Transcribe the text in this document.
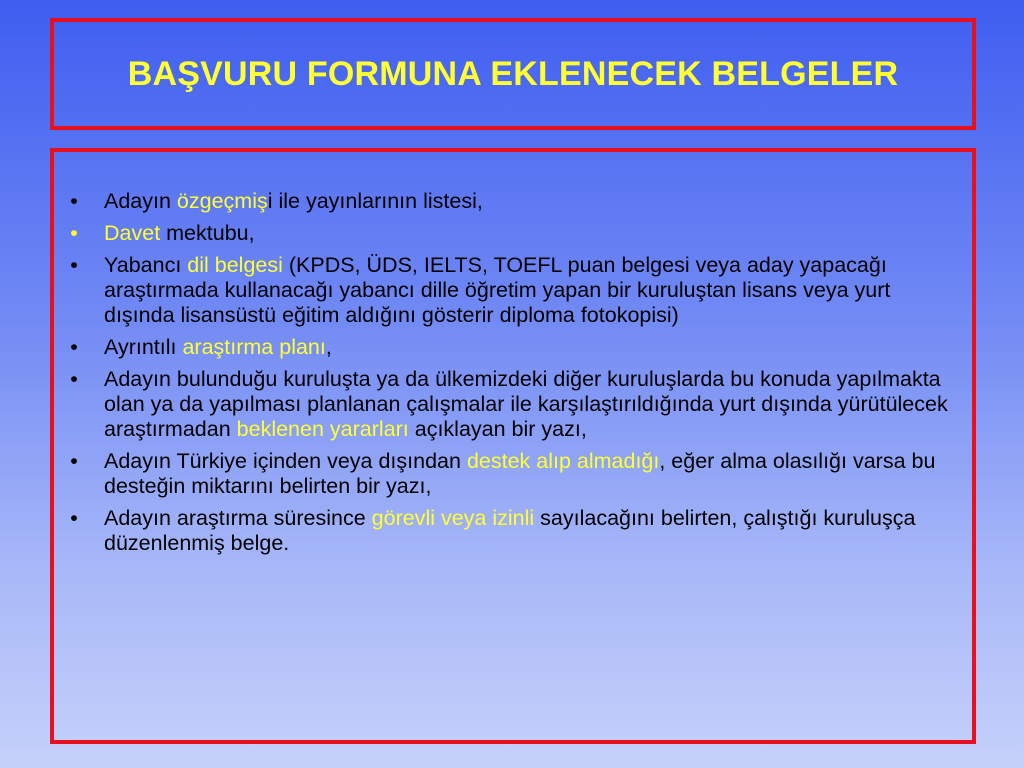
BAŞVURU FORMUNA EKLENECEK BELGELER
• Adayın özgeçmişi ile yayınlarının listesi,
• Davet mektubu,
• Yabancı dil belgesi (KPDS, ÜDS, IELTS, TOEFL puan belgesi veya aday yapacağı araştırmada kullanacağı yabancı dille öğretim yapan bir kuruluştan lisans veya yurt dışında lisansüstü eğitim aldığını gösterir diploma fotokopisi)
• Ayrıntılı araştırma planı,
• Adayın bulunduğu kuruluşta ya da ülkemizdeki diğer kuruluşlarda bu konuda yapılmakta olan ya da yapılması planlanan çalışmalar ile karşılaştırıldığında yurt dışında yürütülecek araştırmadan beklenen yararları açıklayan bir yazı,
• Adayın Türkiye içinden veya dışından destek alıp almadığı, eğer alma olasılığı varsa bu desteğin miktarını belirten bir yazı,
• Adayın araştırma süresince görevli veya izinli sayılacağını belirten, çalıştığı kuruluşça düzenlenmiş belge.
